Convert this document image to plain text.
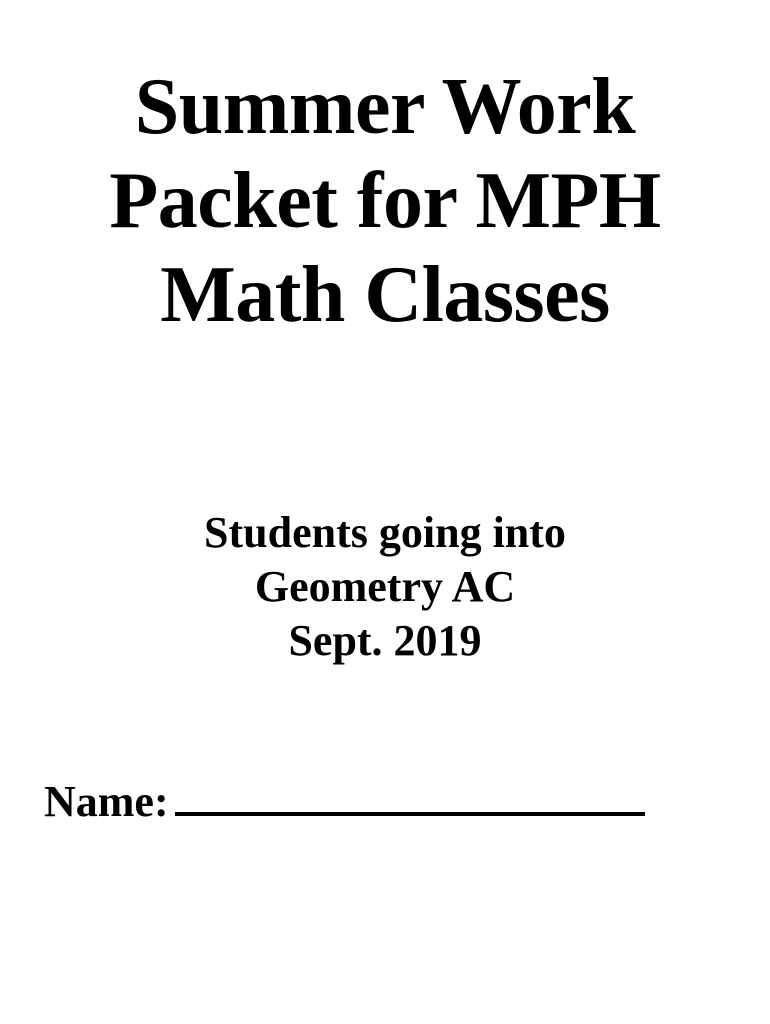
Summer Work
Packet for MPH
Math Classes
Students going into
Geometry AC
Sept. 2019
Name:
